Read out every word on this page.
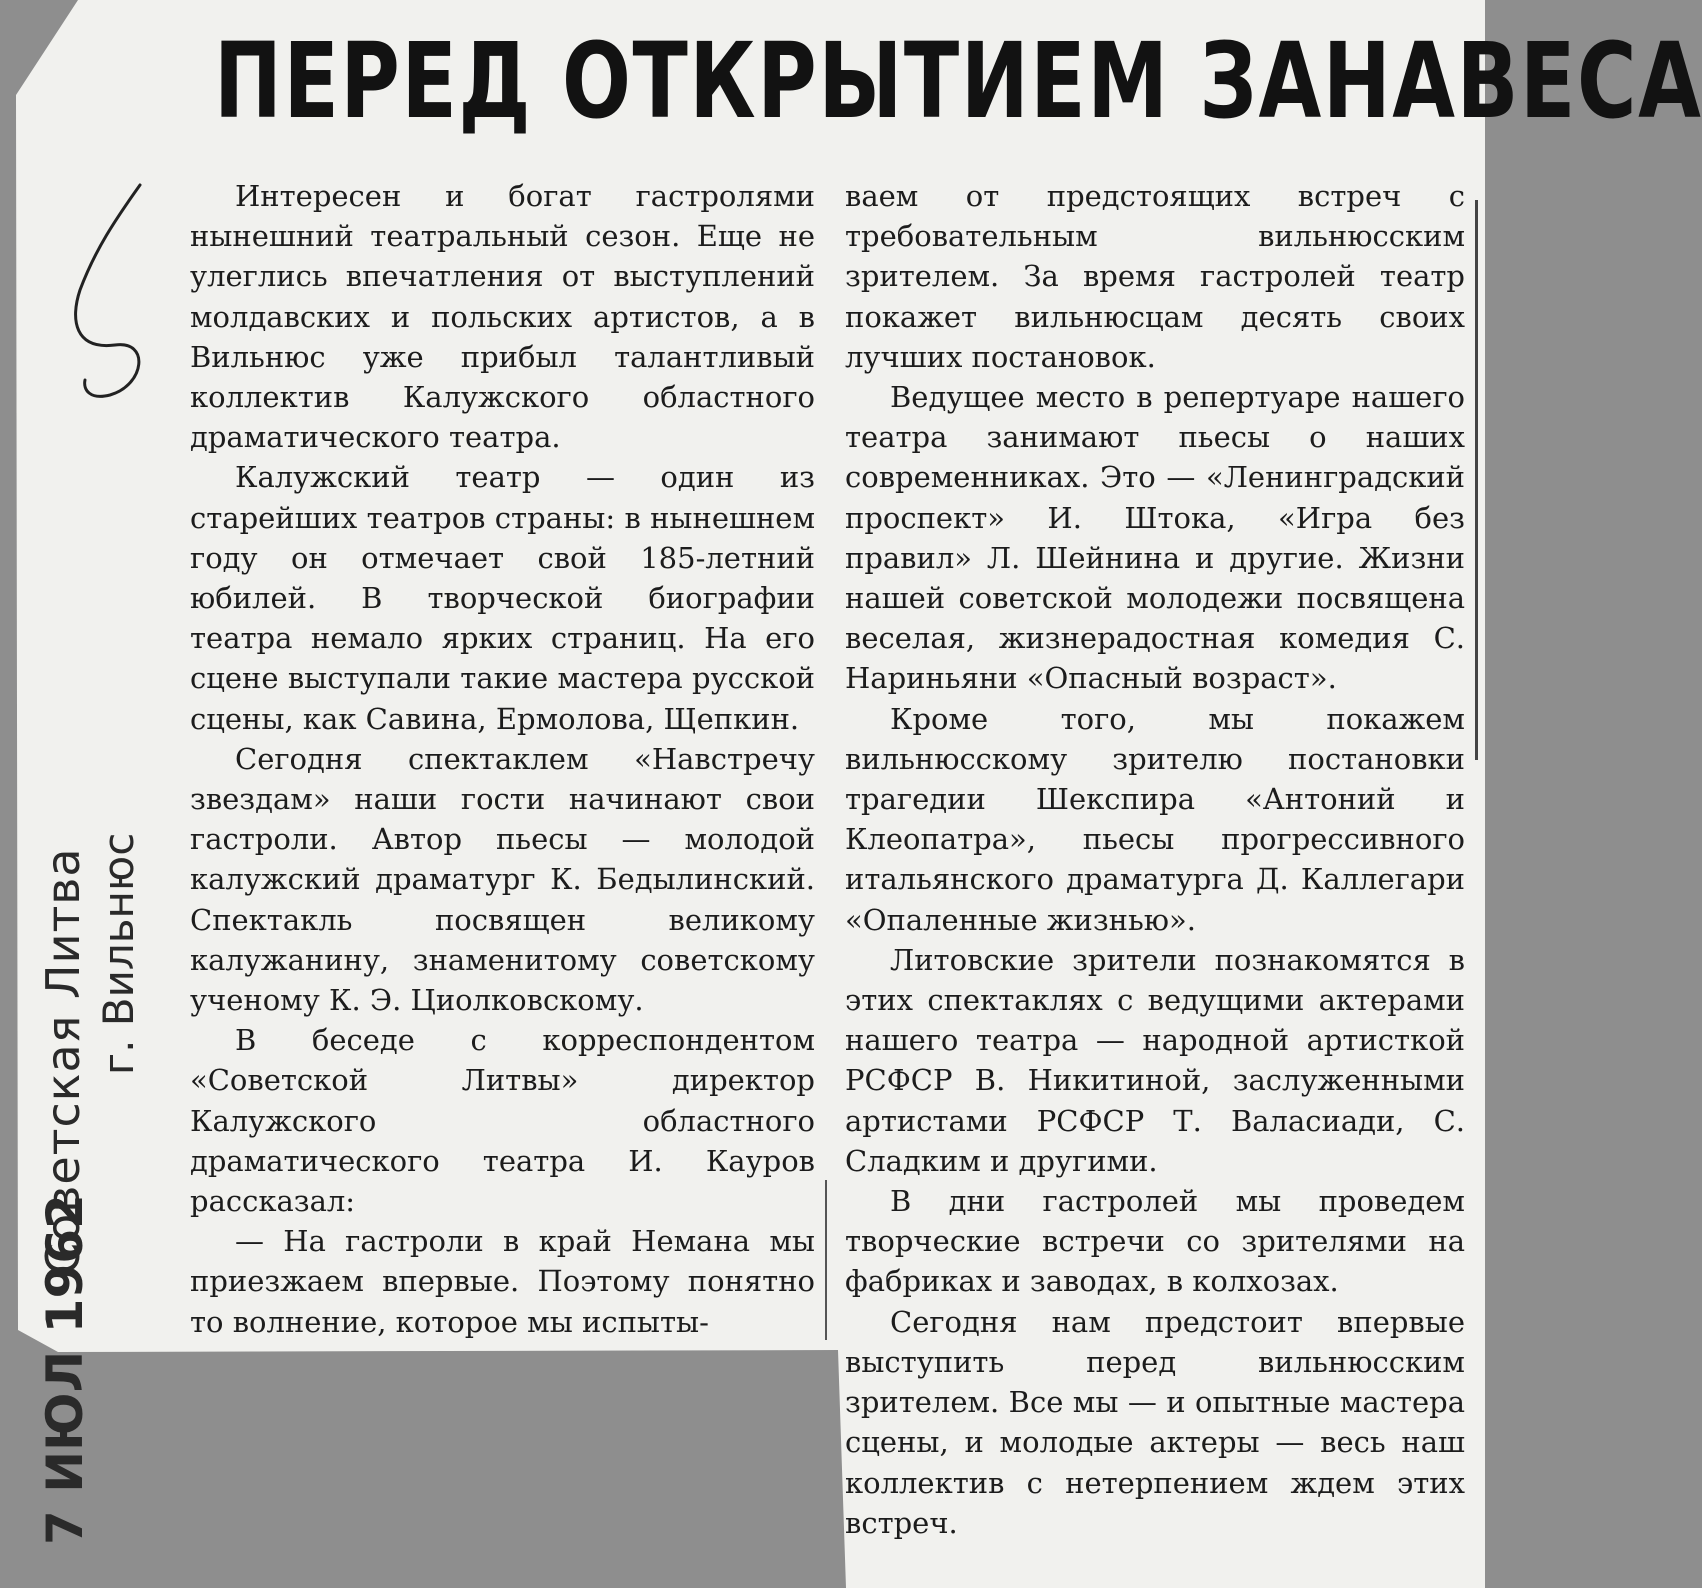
ПЕРЕД ОТКРЫТИЕМ ЗАНАВЕСА

Интересен и богат гастролями нынешний театральный сезон. Еще не улеглись впечатления от выступлений молдавских и польских артистов, а в Вильнюс уже прибыл талантливый коллектив Калужского областного драматического театра.

Калужский театр — один из старейших театров страны: в нынешнем году он отмечает свой 185-летний юбилей. В творческой биографии театра немало ярких страниц. На его сцене выступали такие мастера русской сцены, как Савина, Ермолова, Щепкин.

Сегодня спектаклем «Навстречу звездам» наши гости начинают свои гастроли. Автор пьесы — молодой калужский драматург К. Бедылинский. Спектакль посвящен великому калужанину, знаменитому советскому ученому К. Э. Циолковскому.

В беседе с корреспондентом «Советской Литвы» директор Калужского областного драматического театра И. Кауров рассказал:

— На гастроли в край Немана мы приезжаем впервые. Поэтому понятно то волнение, которое мы испыты-

ваем от предстоящих встреч с требовательным вильнюсским зрителем. За время гастролей театр покажет вильнюсцам десять своих лучших постановок.

Ведущее место в репертуаре нашего театра занимают пьесы о наших современниках. Это — «Ленинградский проспект» И. Штока, «Игра без правил» Л. Шейнина и другие. Жизни нашей советской молодежи посвящена веселая, жизнерадостная комедия С. Нариньяни «Опасный возраст».

Кроме того, мы покажем вильнюсскому зрителю постановки трагедии Шекспира «Антоний и Клеопатра», пьесы прогрессивного итальянского драматурга Д. Каллегари «Опаленные жизнью».

Литовские зрители познакомятся в этих спектаклях с ведущими актерами нашего театра — народной артисткой РСФСР В. Никитиной, заслуженными артистами РСФСР Т. Валасиади, С. Сладким и другими.

В дни гастролей мы проведем творческие встречи со зрителями на фабриках и заводах, в колхозах.

Сегодня нам предстоит впервые выступить перед вильнюсским зрителем. Все мы — и опытные мастера сцены, и молодые актеры — весь наш коллектив с нетерпением ждем этих встреч.

Советская Литва г. Вильнюс
7 ИЮЛ 1962
